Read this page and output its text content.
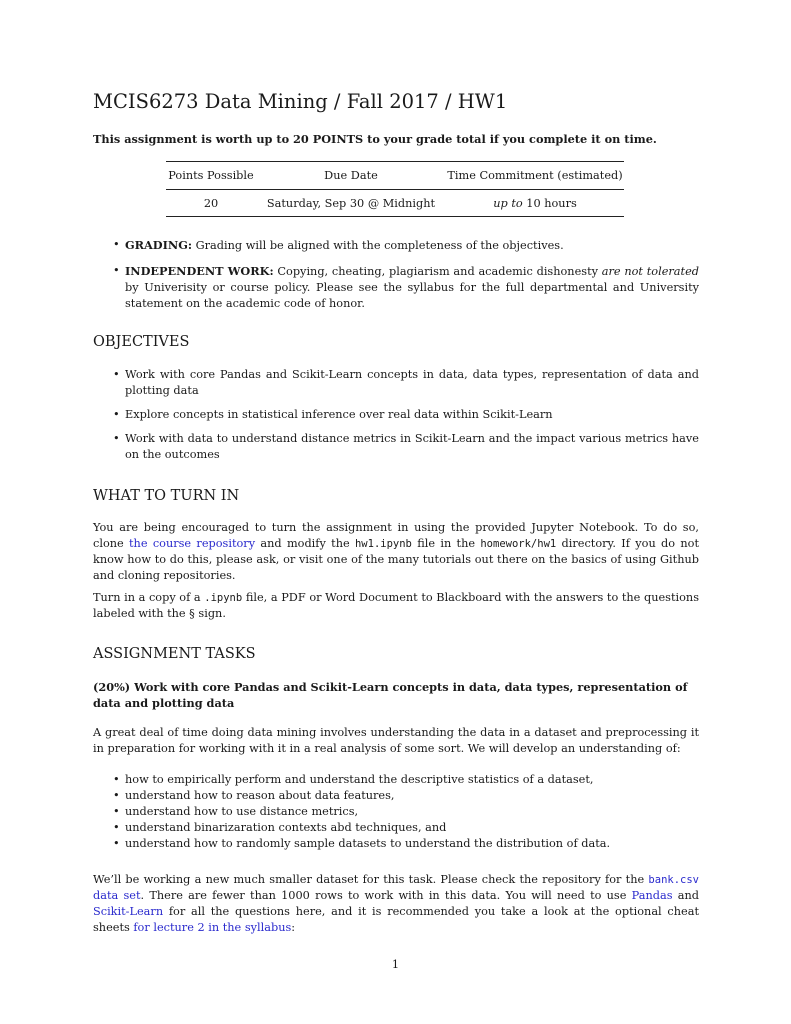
MCIS6273 Data Mining / Fall 2017 / HW1

This assignment is worth up to 20 POINTS to your grade total if you complete it on time.

Points Possible	Due Date	Time Commitment (estimated)
20	Saturday, Sep 30 @ Midnight	up to 10 hours
• GRADING: Grading will be aligned with the completeness of the objectives.
• INDEPENDENT WORK: Copying, cheating, plagiarism and academic dishonesty are not tolerated by Univerisity or course policy. Please see the syllabus for the full departmental and University statement on the academic code of honor.
OBJECTIVES
• Work with core Pandas and Scikit-Learn concepts in data, data types, representation of data and plotting data
• Explore concepts in statistical inference over real data within Scikit-Learn
• Work with data to understand distance metrics in Scikit-Learn and the impact various metrics have on the outcomes
WHAT TO TURN IN

You are being encouraged to turn the assignment in using the provided Jupyter Notebook. To do so, clone the course repository and modify the hw1.ipynb file in the homework/hw1 directory. If you do not know how to do this, please ask, or visit one of the many tutorials out there on the basics of using Github and cloning repositories.

Turn in a copy of a .ipynb file, a PDF or Word Document to Blackboard with the answers to the questions labeled with the § sign.

ASSIGNMENT TASKS
(20%) Work with core Pandas and Scikit-Learn concepts in data, data types, representation of data and plotting data

A great deal of time doing data mining involves understanding the data in a dataset and preprocessing it in preparation for working with it in a real analysis of some sort. We will develop an understanding of:

• how to empirically perform and understand the descriptive statistics of a dataset,
• understand how to reason about data features,
• understand how to use distance metrics,
• understand binarizaration contexts abd techniques, and
• understand how to randomly sample datasets to understand the distribution of data.

We’ll be working a new much smaller dataset for this task. Please check the repository for the bank.csv data set. There are fewer than 1000 rows to work with in this data. You will need to use Pandas and Scikit-Learn for all the questions here, and it is recommended you take a look at the optional cheat sheets for lecture 2 in the syllabus:

1
